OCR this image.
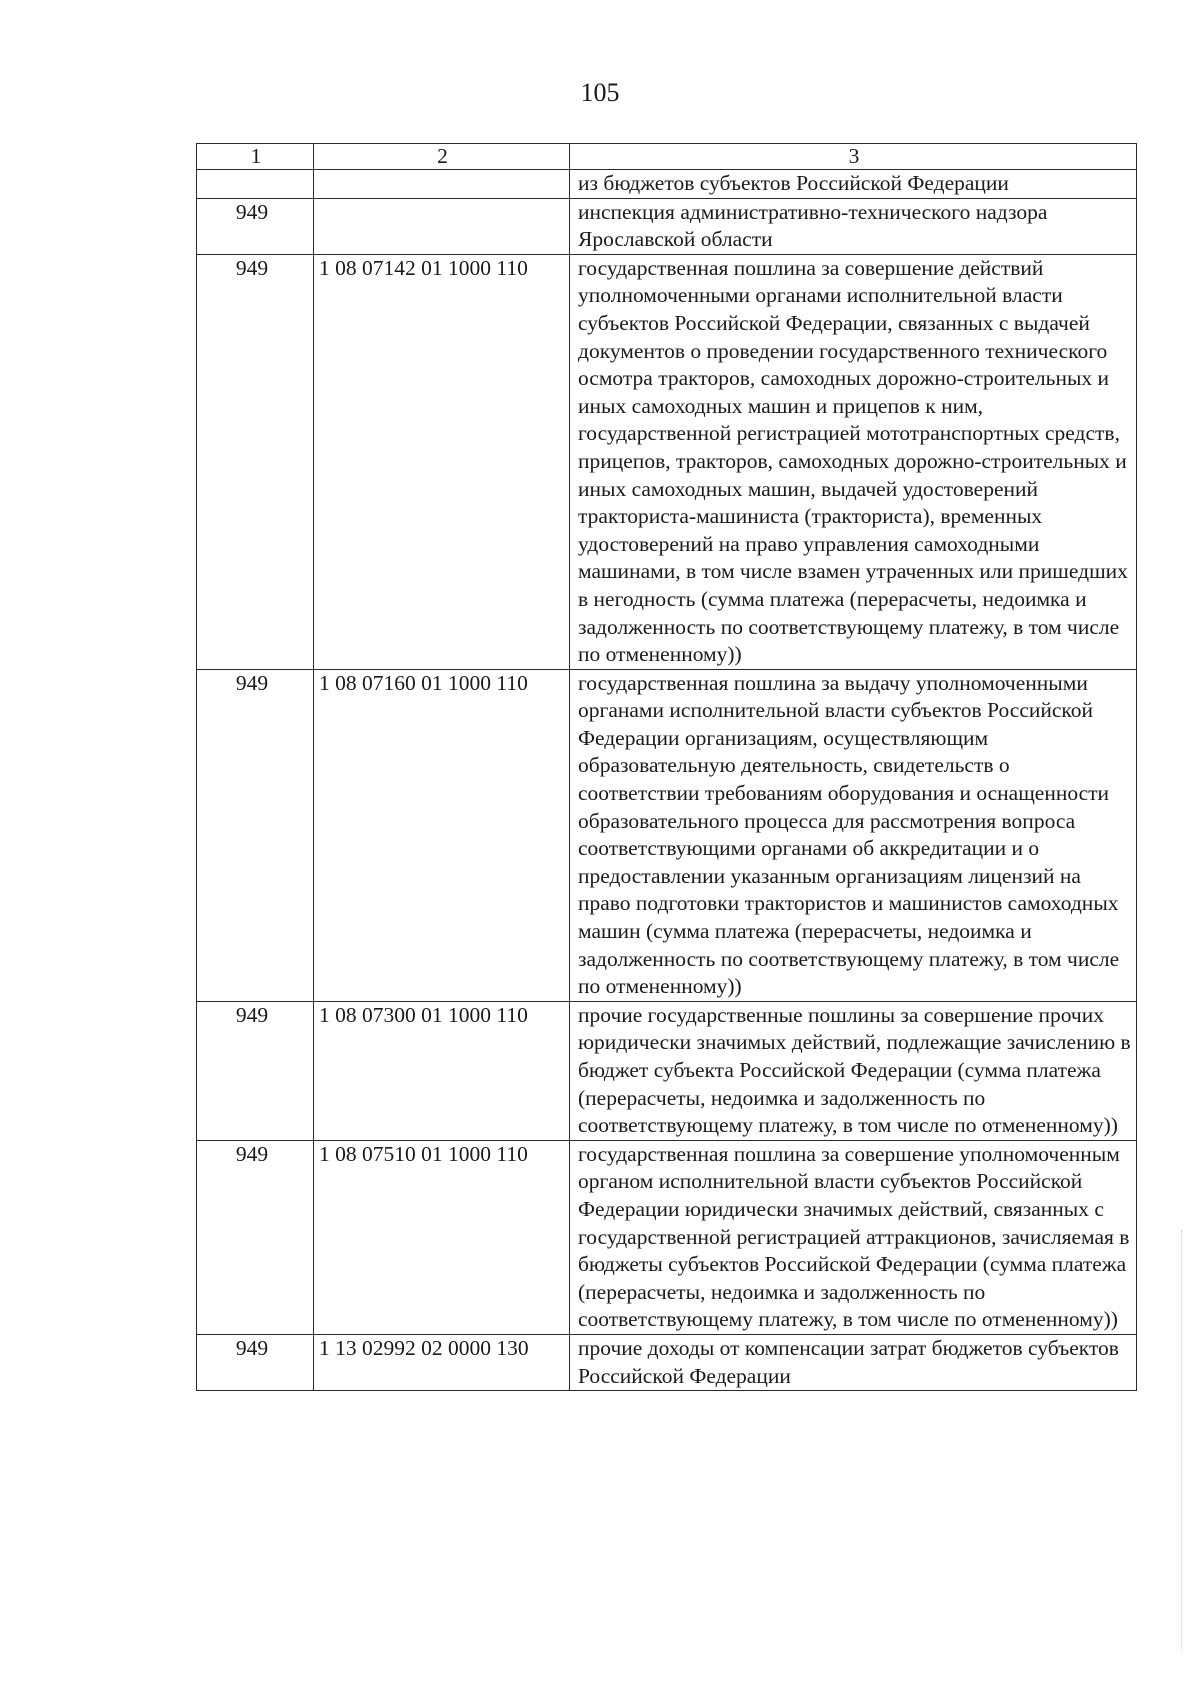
105
1	2	3
		из бюджетов субъектов Российской Федерации
949		инспекция административно-технического надзора Ярославской области
949	1 08 07142 01 1000 110	государственная пошлина за совершение действий уполномоченными органами исполнительной власти субъектов Российской Федерации, связанных с выдачей документов о проведении государственного технического осмотра тракторов, самоходных дорожно-строительных и иных самоходных машин и прицепов к ним, государственной регистрацией мототранспортных средств, прицепов, тракторов, самоходных дорожно-строительных и иных самоходных машин, выдачей удостоверений тракториста-машиниста (тракториста), временных удостоверений на право управления самоходными машинами, в том числе взамен утраченных или пришедших в негодность (сумма платежа (перерасчеты, недоимка и задолженность по соответствующему платежу, в том числе по отмененному))
949	1 08 07160 01 1000 110	государственная пошлина за выдачу уполномоченными органами исполнительной власти субъектов Российской Федерации организациям, осуществляющим образовательную деятельность, свидетельств о соответствии требованиям оборудования и оснащенности образовательного процесса для рассмотрения вопроса соответствующими органами об аккредитации и о предоставлении указанным организациям лицензий на право подготовки трактористов и машинистов самоходных машин (сумма платежа (перерасчеты, недоимка и задолженность по соответствующему платежу, в том числе по отмененному))
949	1 08 07300 01 1000 110	прочие государственные пошлины за совершение прочих юридически значимых действий, подлежащие зачислению в бюджет субъекта Российской Федерации (сумма платежа (перерасчеты, недоимка и задолженность по соответствующему платежу, в том числе по отмененному))
949	1 08 07510 01 1000 110	государственная пошлина за совершение уполномоченным органом исполнительной власти субъектов Российской Федерации юридически значимых действий, связанных с государственной регистрацией аттракционов, зачисляемая в бюджеты субъектов Российской Федерации (сумма платежа (перерасчеты, недоимка и задолженность по соответствующему платежу, в том числе по отмененному))
949	1 13 02992 02 0000 130	прочие доходы от компенсации затрат бюджетов субъектов Российской Федерации
